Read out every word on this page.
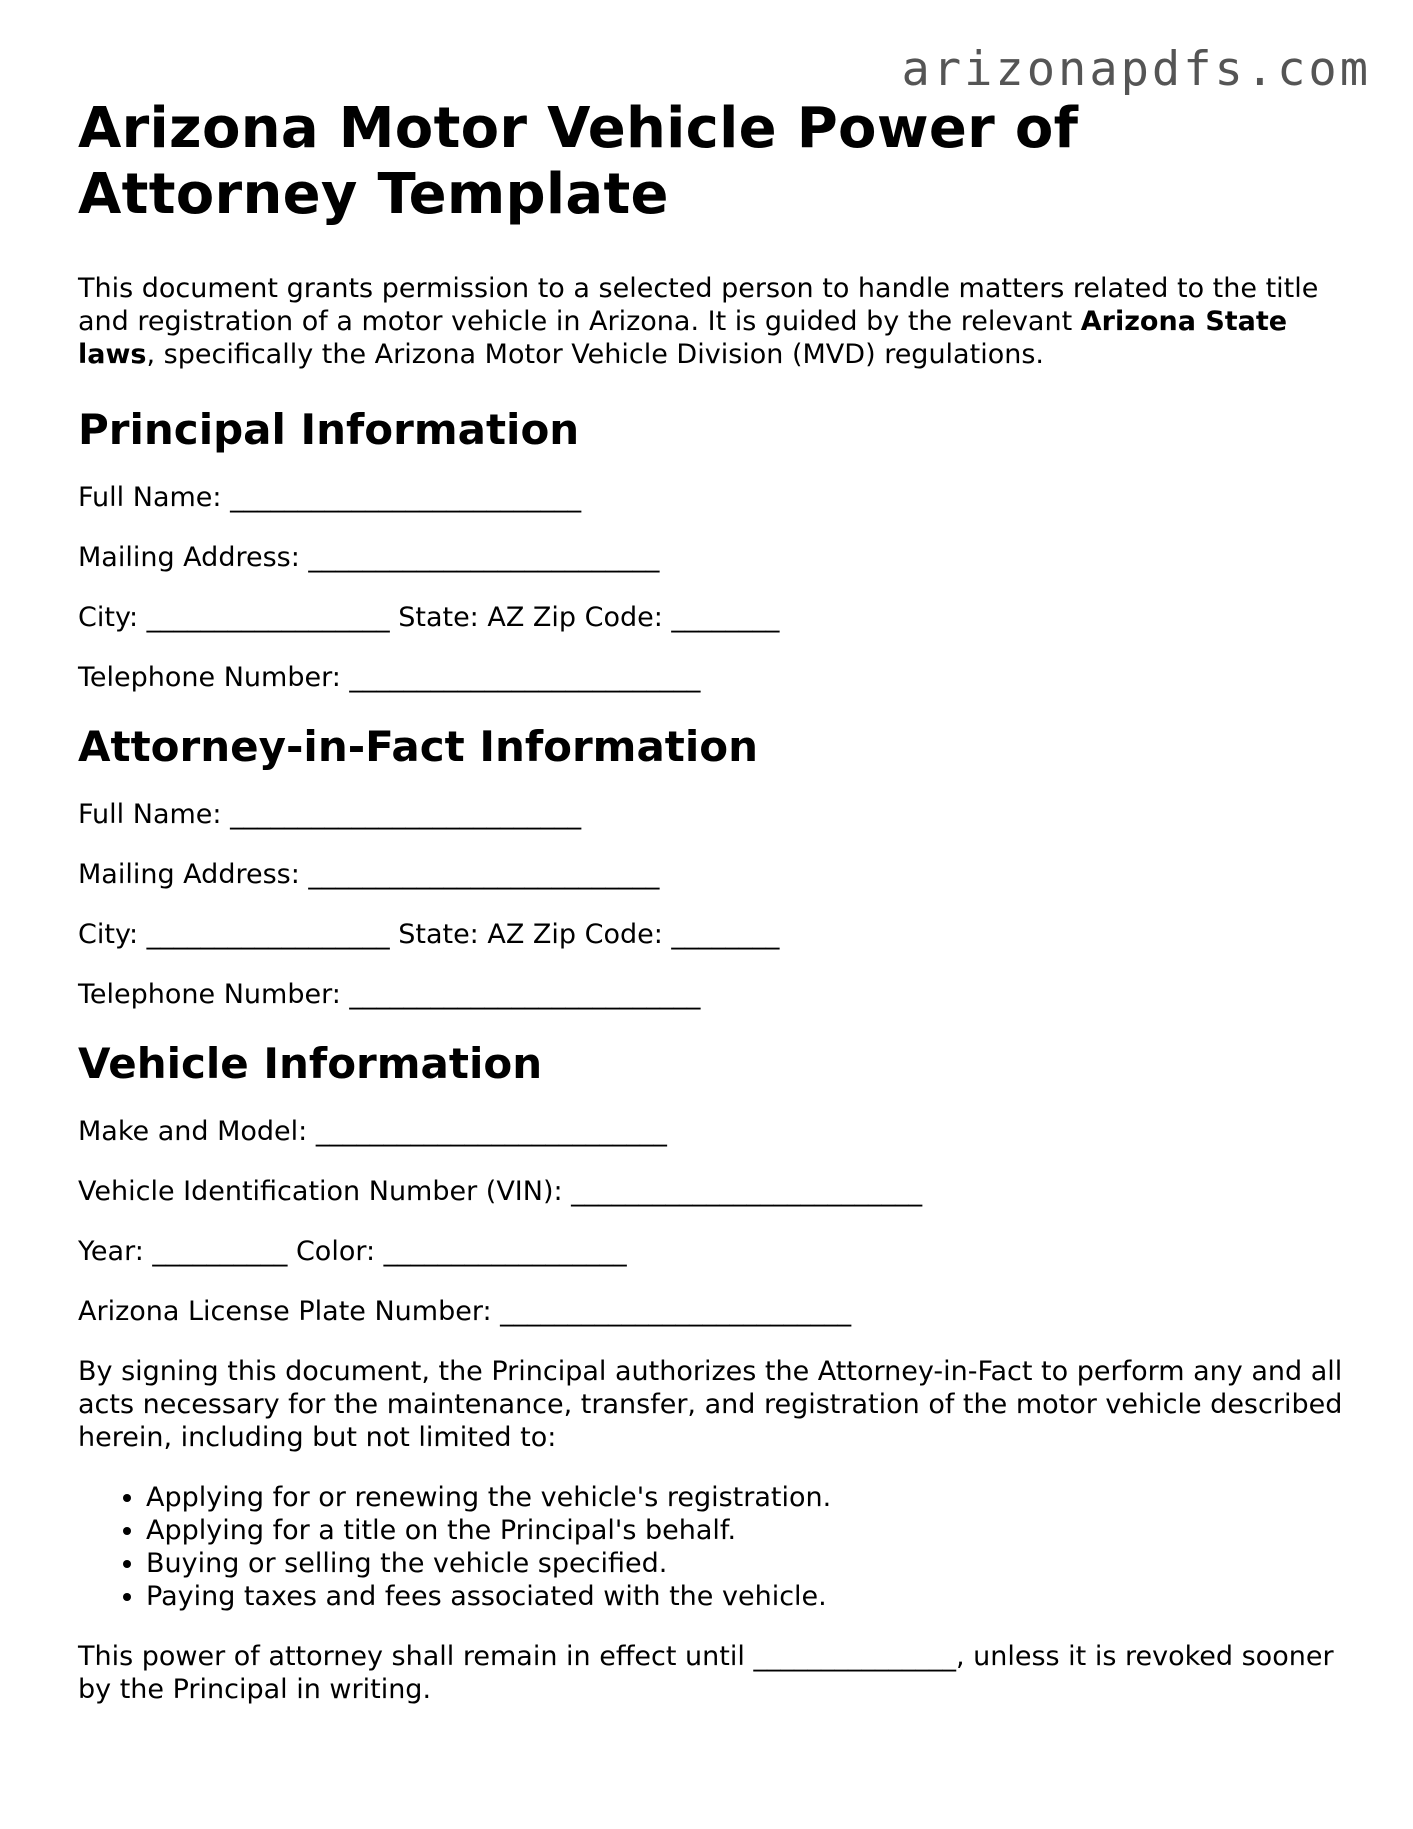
arizonapdfs.com
Arizona Motor Vehicle Power of Attorney Template

This document grants permission to a selected person to handle matters related to the title and registration of a motor vehicle in Arizona. It is guided by the relevant Arizona State laws, specifically the Arizona Motor Vehicle Division (MVD) regulations.

Principal Information
Full Name: __________________________
Mailing Address: __________________________
City: __________________ State: AZ Zip Code: ________
Telephone Number: __________________________
Attorney-in-Fact Information
Full Name: __________________________
Mailing Address: __________________________
City: __________________ State: AZ Zip Code: ________
Telephone Number: __________________________
Vehicle Information
Make and Model: __________________________
Vehicle Identification Number (VIN): __________________________
Year: __________ Color: __________________
Arizona License Plate Number: __________________________

By signing this document, the Principal authorizes the Attorney-in-Fact to perform any and all acts necessary for the maintenance, transfer, and registration of the motor vehicle described herein, including but not limited to:

• Applying for or renewing the vehicle's registration.
• Applying for a title on the Principal's behalf.
• Buying or selling the vehicle specified.
• Paying taxes and fees associated with the vehicle.

This power of attorney shall remain in effect until _______________, unless it is revoked sooner by the Principal in writing.
